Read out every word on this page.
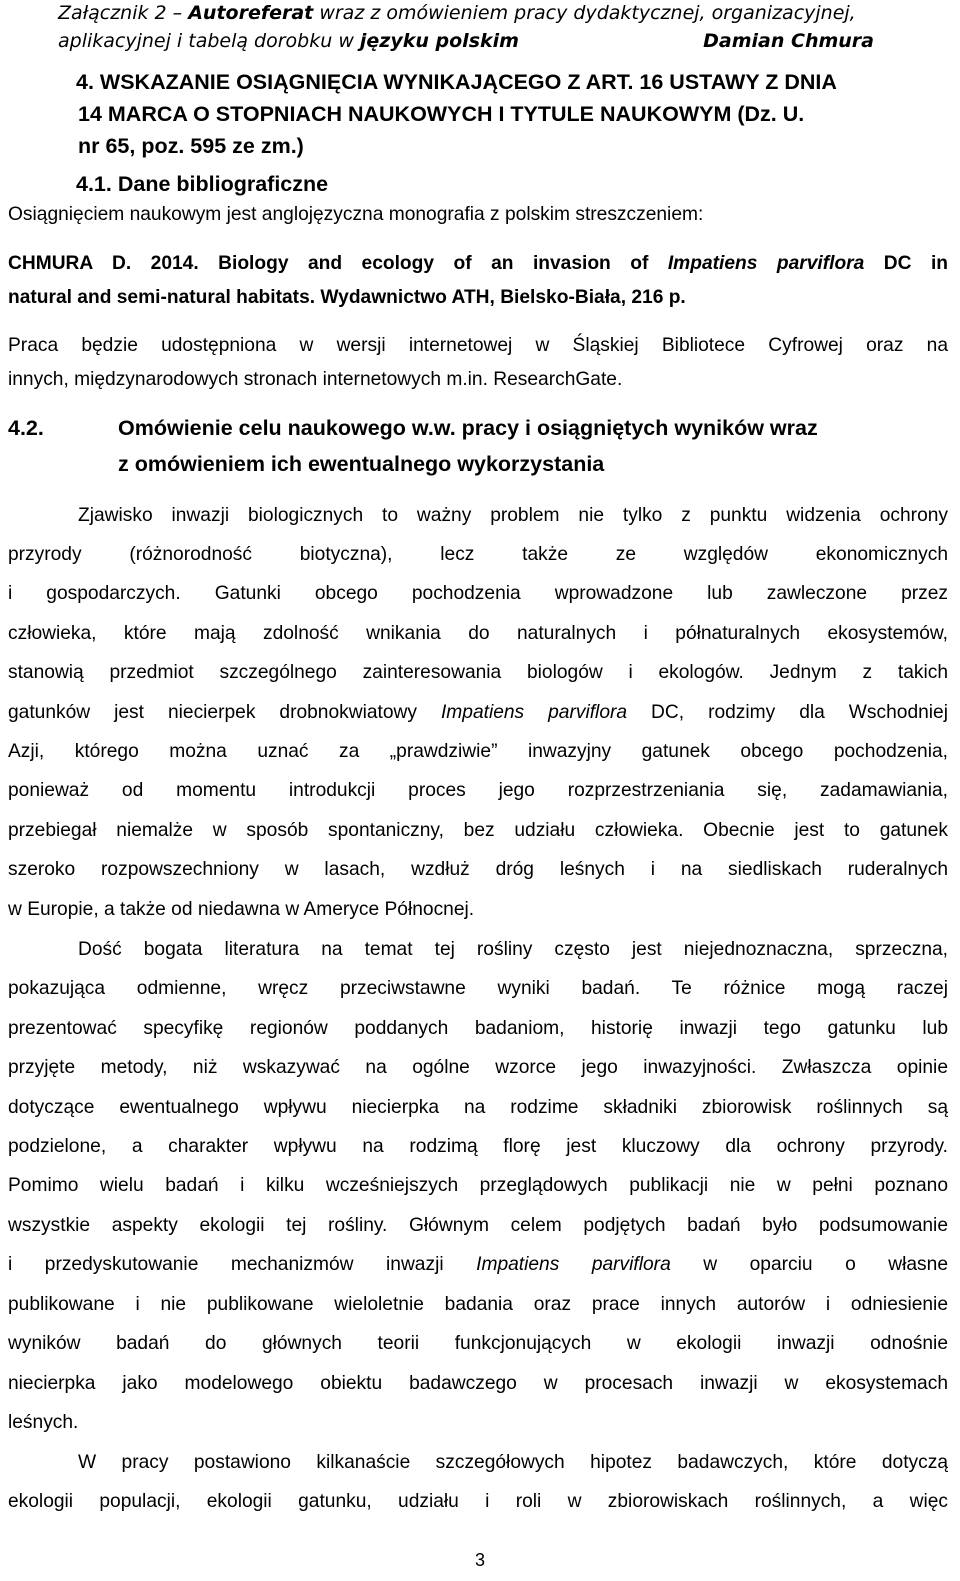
Załącznik 2 – Autoreferat wraz z omówieniem pracy dydaktycznej, organizacyjnej,
aplikacyjnej i tabelą dorobku w języku polskim	Damian Chmura
4. WSKAZANIE OSIĄGNIĘCIA WYNIKAJĄCEGO Z ART. 16 USTAWY Z DNIA
14 MARCA O STOPNIACH NAUKOWYCH I TYTULE NAUKOWYM (Dz. U.
nr 65, poz. 595 ze zm.)
4.1. Dane bibliograficzne
Osiągnięciem naukowym jest anglojęzyczna monografia z polskim streszczeniem:
CHMURA D. 2014. Biology and ecology of an invasion of Impatiens parviflora DC in
natural and semi-natural habitats. Wydawnictwo ATH, Bielsko-Biała, 216 p.
Praca będzie udostępniona w wersji internetowej w Śląskiej Bibliotece Cyfrowej oraz na
innych, międzynarodowych stronach internetowych m.in. ResearchGate.
4.2.	Omówienie celu naukowego w.w. pracy i osiągniętych wyników wraz
z omówieniem ich ewentualnego wykorzystania
Zjawisko inwazji biologicznych to ważny problem nie tylko z punktu widzenia ochrony
przyrody (różnorodność biotyczna), lecz także ze względów ekonomicznych
i gospodarczych. Gatunki obcego pochodzenia wprowadzone lub zawleczone przez
człowieka, które mają zdolność wnikania do naturalnych i półnaturalnych ekosystemów,
stanowią przedmiot szczególnego zainteresowania biologów i ekologów. Jednym z takich
gatunków jest niecierpek drobnokwiatowy Impatiens parviflora DC, rodzimy dla Wschodniej
Azji, którego można uznać za „prawdziwie” inwazyjny gatunek obcego pochodzenia,
ponieważ od momentu introdukcji proces jego rozprzestrzeniania się, zadamawiania,
przebiegał niemalże w sposób spontaniczny, bez udziału człowieka. Obecnie jest to gatunek
szeroko rozpowszechniony w lasach, wzdłuż dróg leśnych i na siedliskach ruderalnych
w Europie, a także od niedawna w Ameryce Północnej.
Dość bogata literatura na temat tej rośliny często jest niejednoznaczna, sprzeczna,
pokazująca odmienne, wręcz przeciwstawne wyniki badań. Te różnice mogą raczej
prezentować specyfikę regionów poddanych badaniom, historię inwazji tego gatunku lub
przyjęte metody, niż wskazywać na ogólne wzorce jego inwazyjności. Zwłaszcza opinie
dotyczące ewentualnego wpływu niecierpka na rodzime składniki zbiorowisk roślinnych są
podzielone, a charakter wpływu na rodzimą florę jest kluczowy dla ochrony przyrody.
Pomimo wielu badań i kilku wcześniejszych przeglądowych publikacji nie w pełni poznano
wszystkie aspekty ekologii tej rośliny. Głównym celem podjętych badań było podsumowanie
i przedyskutowanie mechanizmów inwazji Impatiens parviflora w oparciu o własne
publikowane i nie publikowane wieloletnie badania oraz prace innych autorów i odniesienie
wyników badań do głównych teorii funkcjonujących w ekologii inwazji odnośnie
niecierpka jako modelowego obiektu badawczego w procesach inwazji w ekosystemach
leśnych.
W pracy postawiono kilkanaście szczegółowych hipotez badawczych, które dotyczą
ekologii populacji, ekologii gatunku, udziału i roli w zbiorowiskach roślinnych, a więc
3
